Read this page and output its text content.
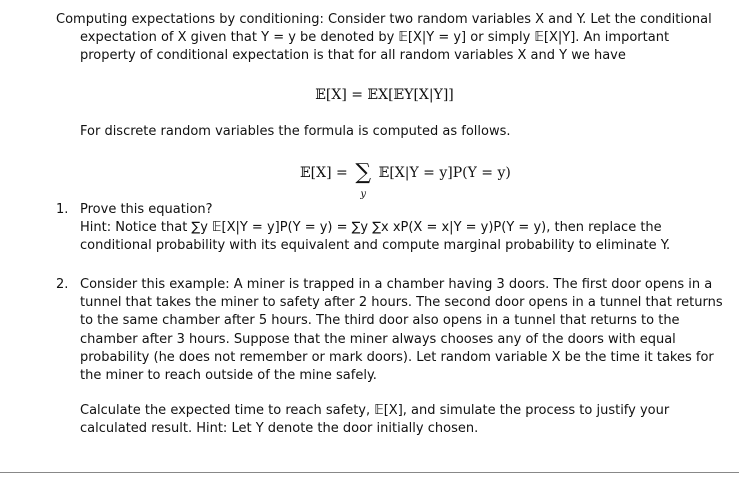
Computing expectations by conditioning: Consider two random variables X and Y. Let the conditional
expectation of X given that Y = y be denoted by 𝔼[X|Y = y] or simply 𝔼[X|Y]. An important
property of conditional expectation is that for all random variables X and Y we have
𝔼[X] = 𝔼X[𝔼Y[X|Y]]
For discrete random variables the formula is computed as follows.
𝔼[X] = ∑
y
𝔼[X|Y = y]P(Y = y)
1. Prove this equation?
Hint: Notice that ∑y 𝔼[X|Y = y]P(Y = y) = ∑y ∑x xP(X = x|Y = y)P(Y = y), then replace the
conditional probability with its equivalent and compute marginal probability to eliminate Y.
2. Consider this example: A miner is trapped in a chamber having 3 doors. The first door opens in a
tunnel that takes the miner to safety after 2 hours. The second door opens in a tunnel that returns
to the same chamber after 5 hours. The third door also opens in a tunnel that returns to the
chamber after 3 hours. Suppose that the miner always chooses any of the doors with equal
probability (he does not remember or mark doors). Let random variable X be the time it takes for
the miner to reach outside of the mine safely.
Calculate the expected time to reach safety, 𝔼[X], and simulate the process to justify your
calculated result. Hint: Let Y denote the door initially chosen.
